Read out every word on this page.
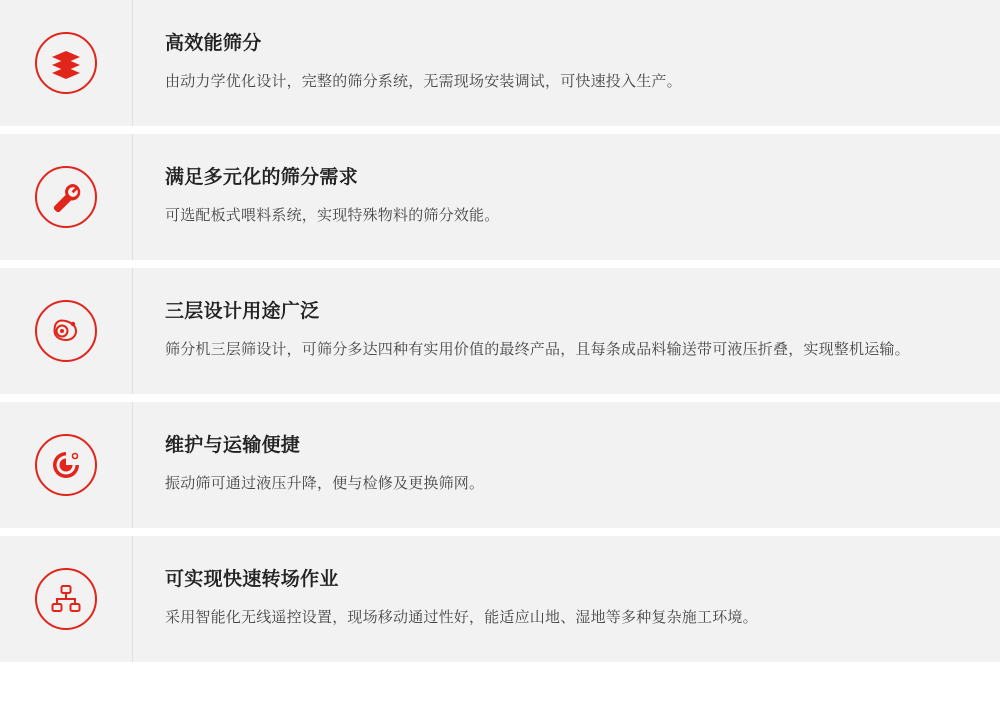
高效能筛分
由动力学优化设计，完整的筛分系统，无需现场安装调试，可快速投入生产。
满足多元化的筛分需求
可选配板式喂料系统，实现特殊物料的筛分效能。
三层设计用途广泛
筛分机三层筛设计，可筛分多达四种有实用价值的最终产品，且每条成品料输送带可液压折叠，实现整机运输。
维护与运输便捷
振动筛可通过液压升降，便与检修及更换筛网。
可实现快速转场作业
采用智能化无线遥控设置，现场移动通过性好，能适应山地、湿地等多种复杂施工环境。
